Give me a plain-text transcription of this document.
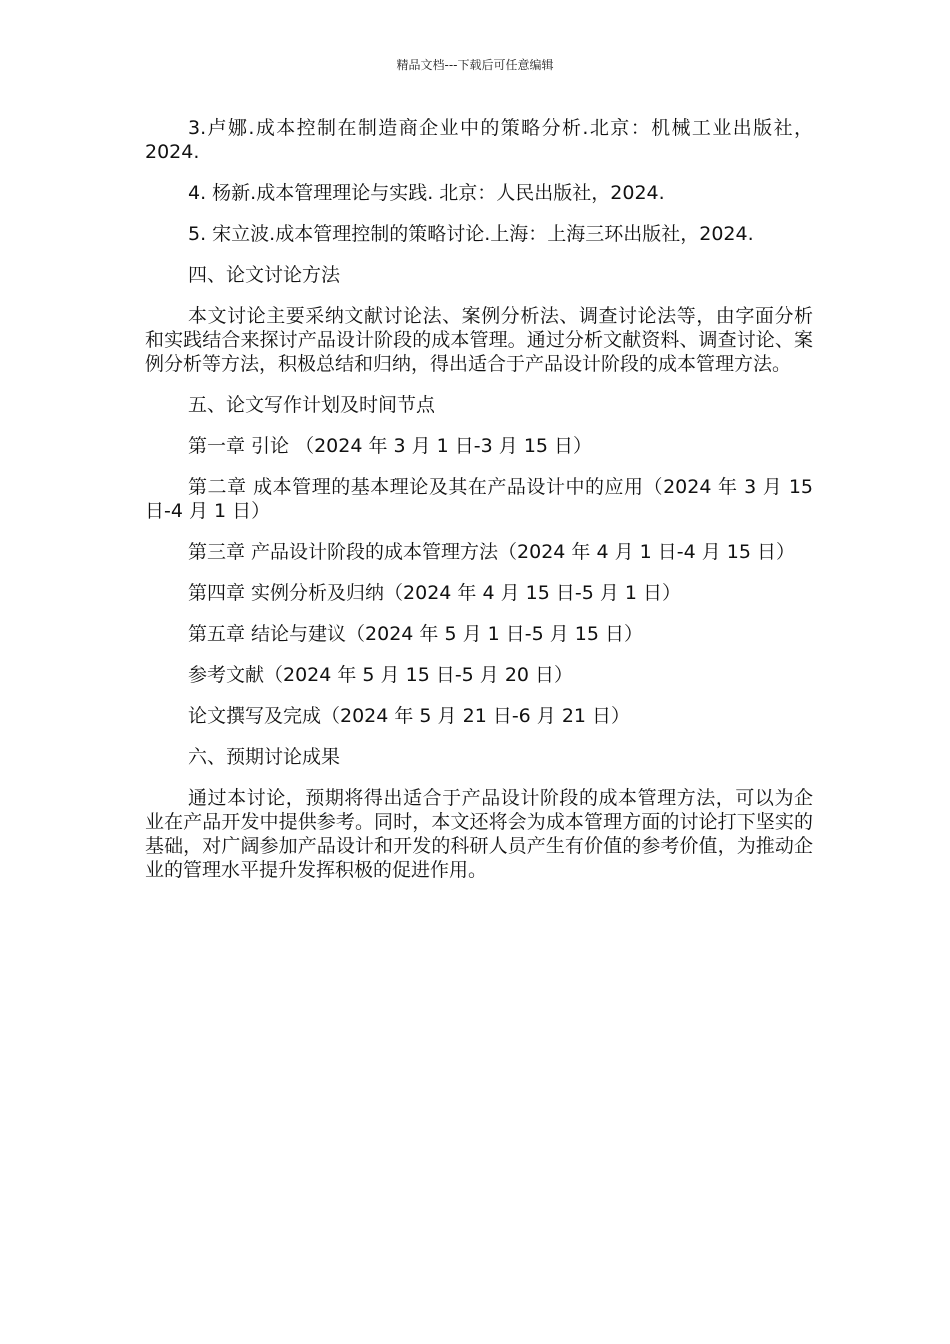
精品文档---下载后可任意编辑

3.卢娜.成本控制在制造商企业中的策略分析.北京：机械工业出版社，2024.

4. 杨新.成本管理理论与实践. 北京：人民出版社，2024.

5. 宋立波.成本管理控制的策略讨论.上海：上海三环出版社，2024.

四、论文讨论方法

本文讨论主要采纳文献讨论法、案例分析法、调查讨论法等，由字面分析和实践结合来探讨产品设计阶段的成本管理。通过分析文献资料、调查讨论、案例分析等方法，积极总结和归纳，得出适合于产品设计阶段的成本管理方法。

五、论文写作计划及时间节点

第一章 引论 （2024 年 3 月 1 日-3 月 15 日）

第二章 成本管理的基本理论及其在产品设计中的应用（2024 年 3 月 15 日-4 月 1 日）

第三章 产品设计阶段的成本管理方法（2024 年 4 月 1 日-4 月 15 日）

第四章 实例分析及归纳（2024 年 4 月 15 日-5 月 1 日）

第五章 结论与建议（2024 年 5 月 1 日-5 月 15 日）

参考文献（2024 年 5 月 15 日-5 月 20 日）

论文撰写及完成（2024 年 5 月 21 日-6 月 21 日）

六、预期讨论成果

通过本讨论，预期将得出适合于产品设计阶段的成本管理方法，可以为企业在产品开发中提供参考。同时，本文还将会为成本管理方面的讨论打下坚实的基础，对广阔参加产品设计和开发的科研人员产生有价值的参考价值，为推动企业的管理水平提升发挥积极的促进作用。
